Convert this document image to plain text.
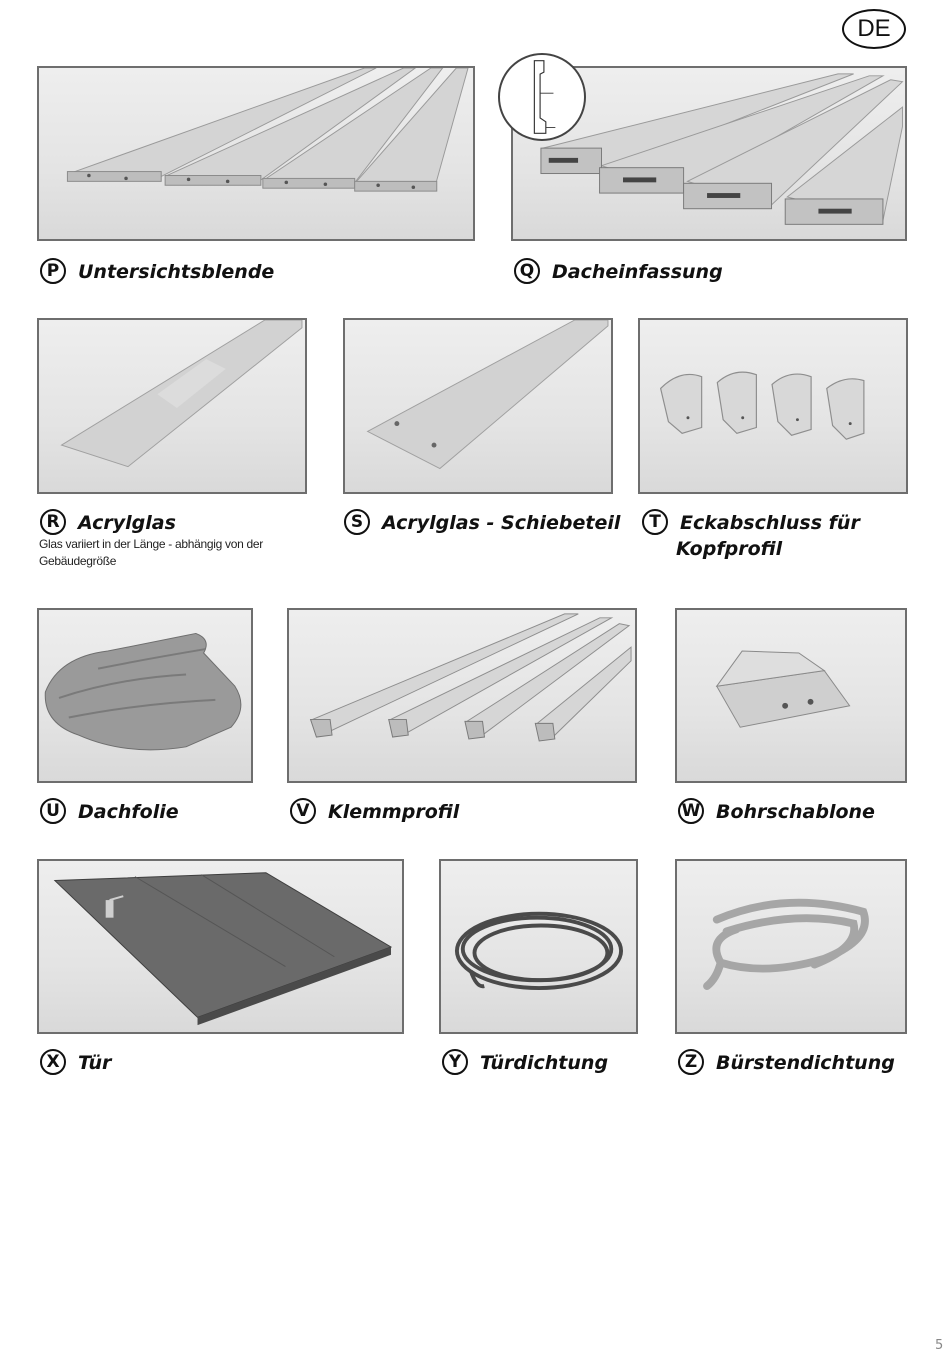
DE
P Untersichtsblende	Q Dacheinfassung
R Acrylglas
Glas variiert in der Länge - abhängig von der Gebäudegröße
S Acrylglas - Schiebeteil	T	Eckabschluss für
Kopfprofil
U Dachfolie	V Klemmprofil	W Bohrschablone
X Tür	Y Türdichtung	Z Bürstendichtung
5
